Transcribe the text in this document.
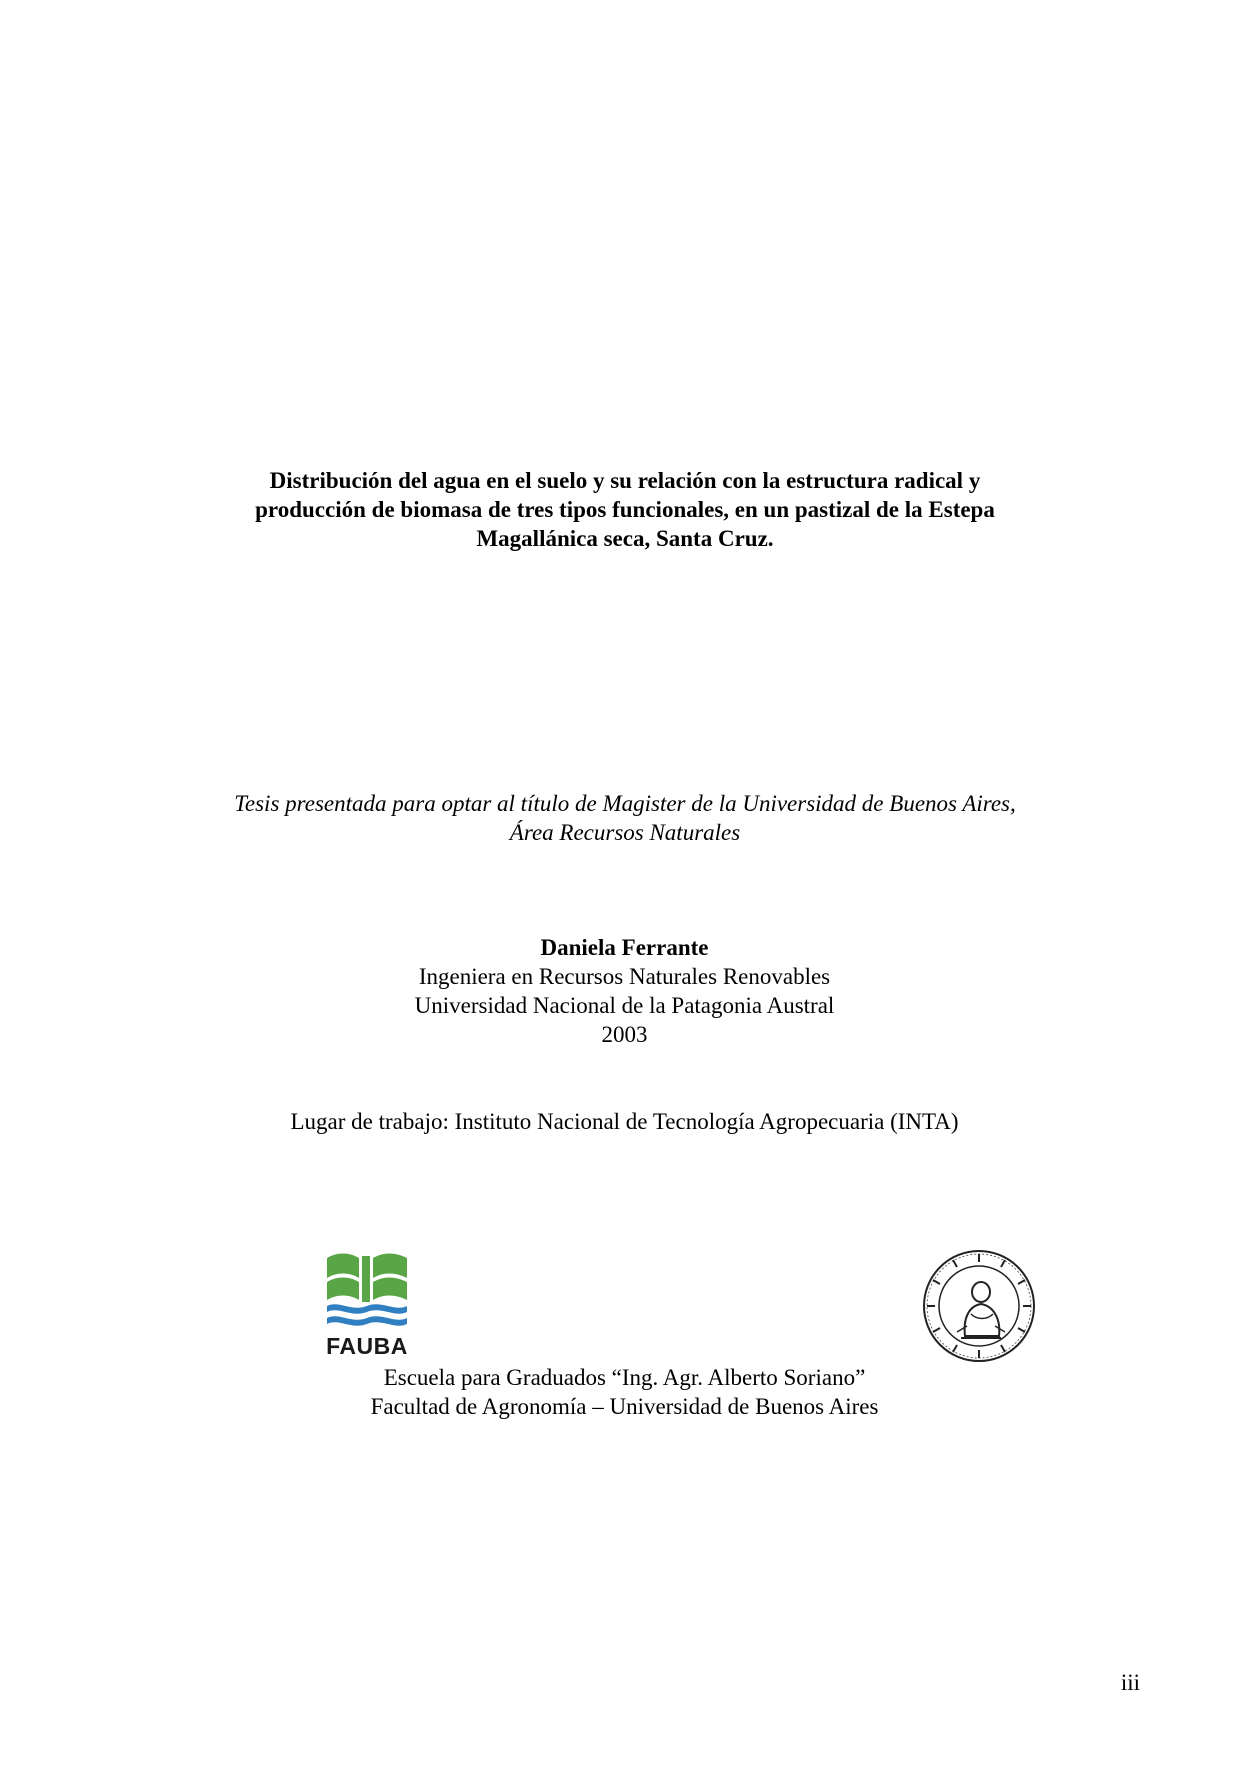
Distribución del agua en el suelo y su relación con la estructura radical y
producción de biomasa de tres tipos funcionales, en un pastizal de la Estepa
Magallánica seca, Santa Cruz.
Tesis presentada para optar al título de Magister de la Universidad de Buenos Aires,
Área Recursos Naturales
Daniela Ferrante
Ingeniera en Recursos Naturales Renovables
Universidad Nacional de la Patagonia Austral
2003
Lugar de trabajo: Instituto Nacional de Tecnología Agropecuaria (INTA)
FAUBA
Escuela para Graduados “Ing. Agr. Alberto Soriano”
Facultad de Agronomía – Universidad de Buenos Aires
iii
